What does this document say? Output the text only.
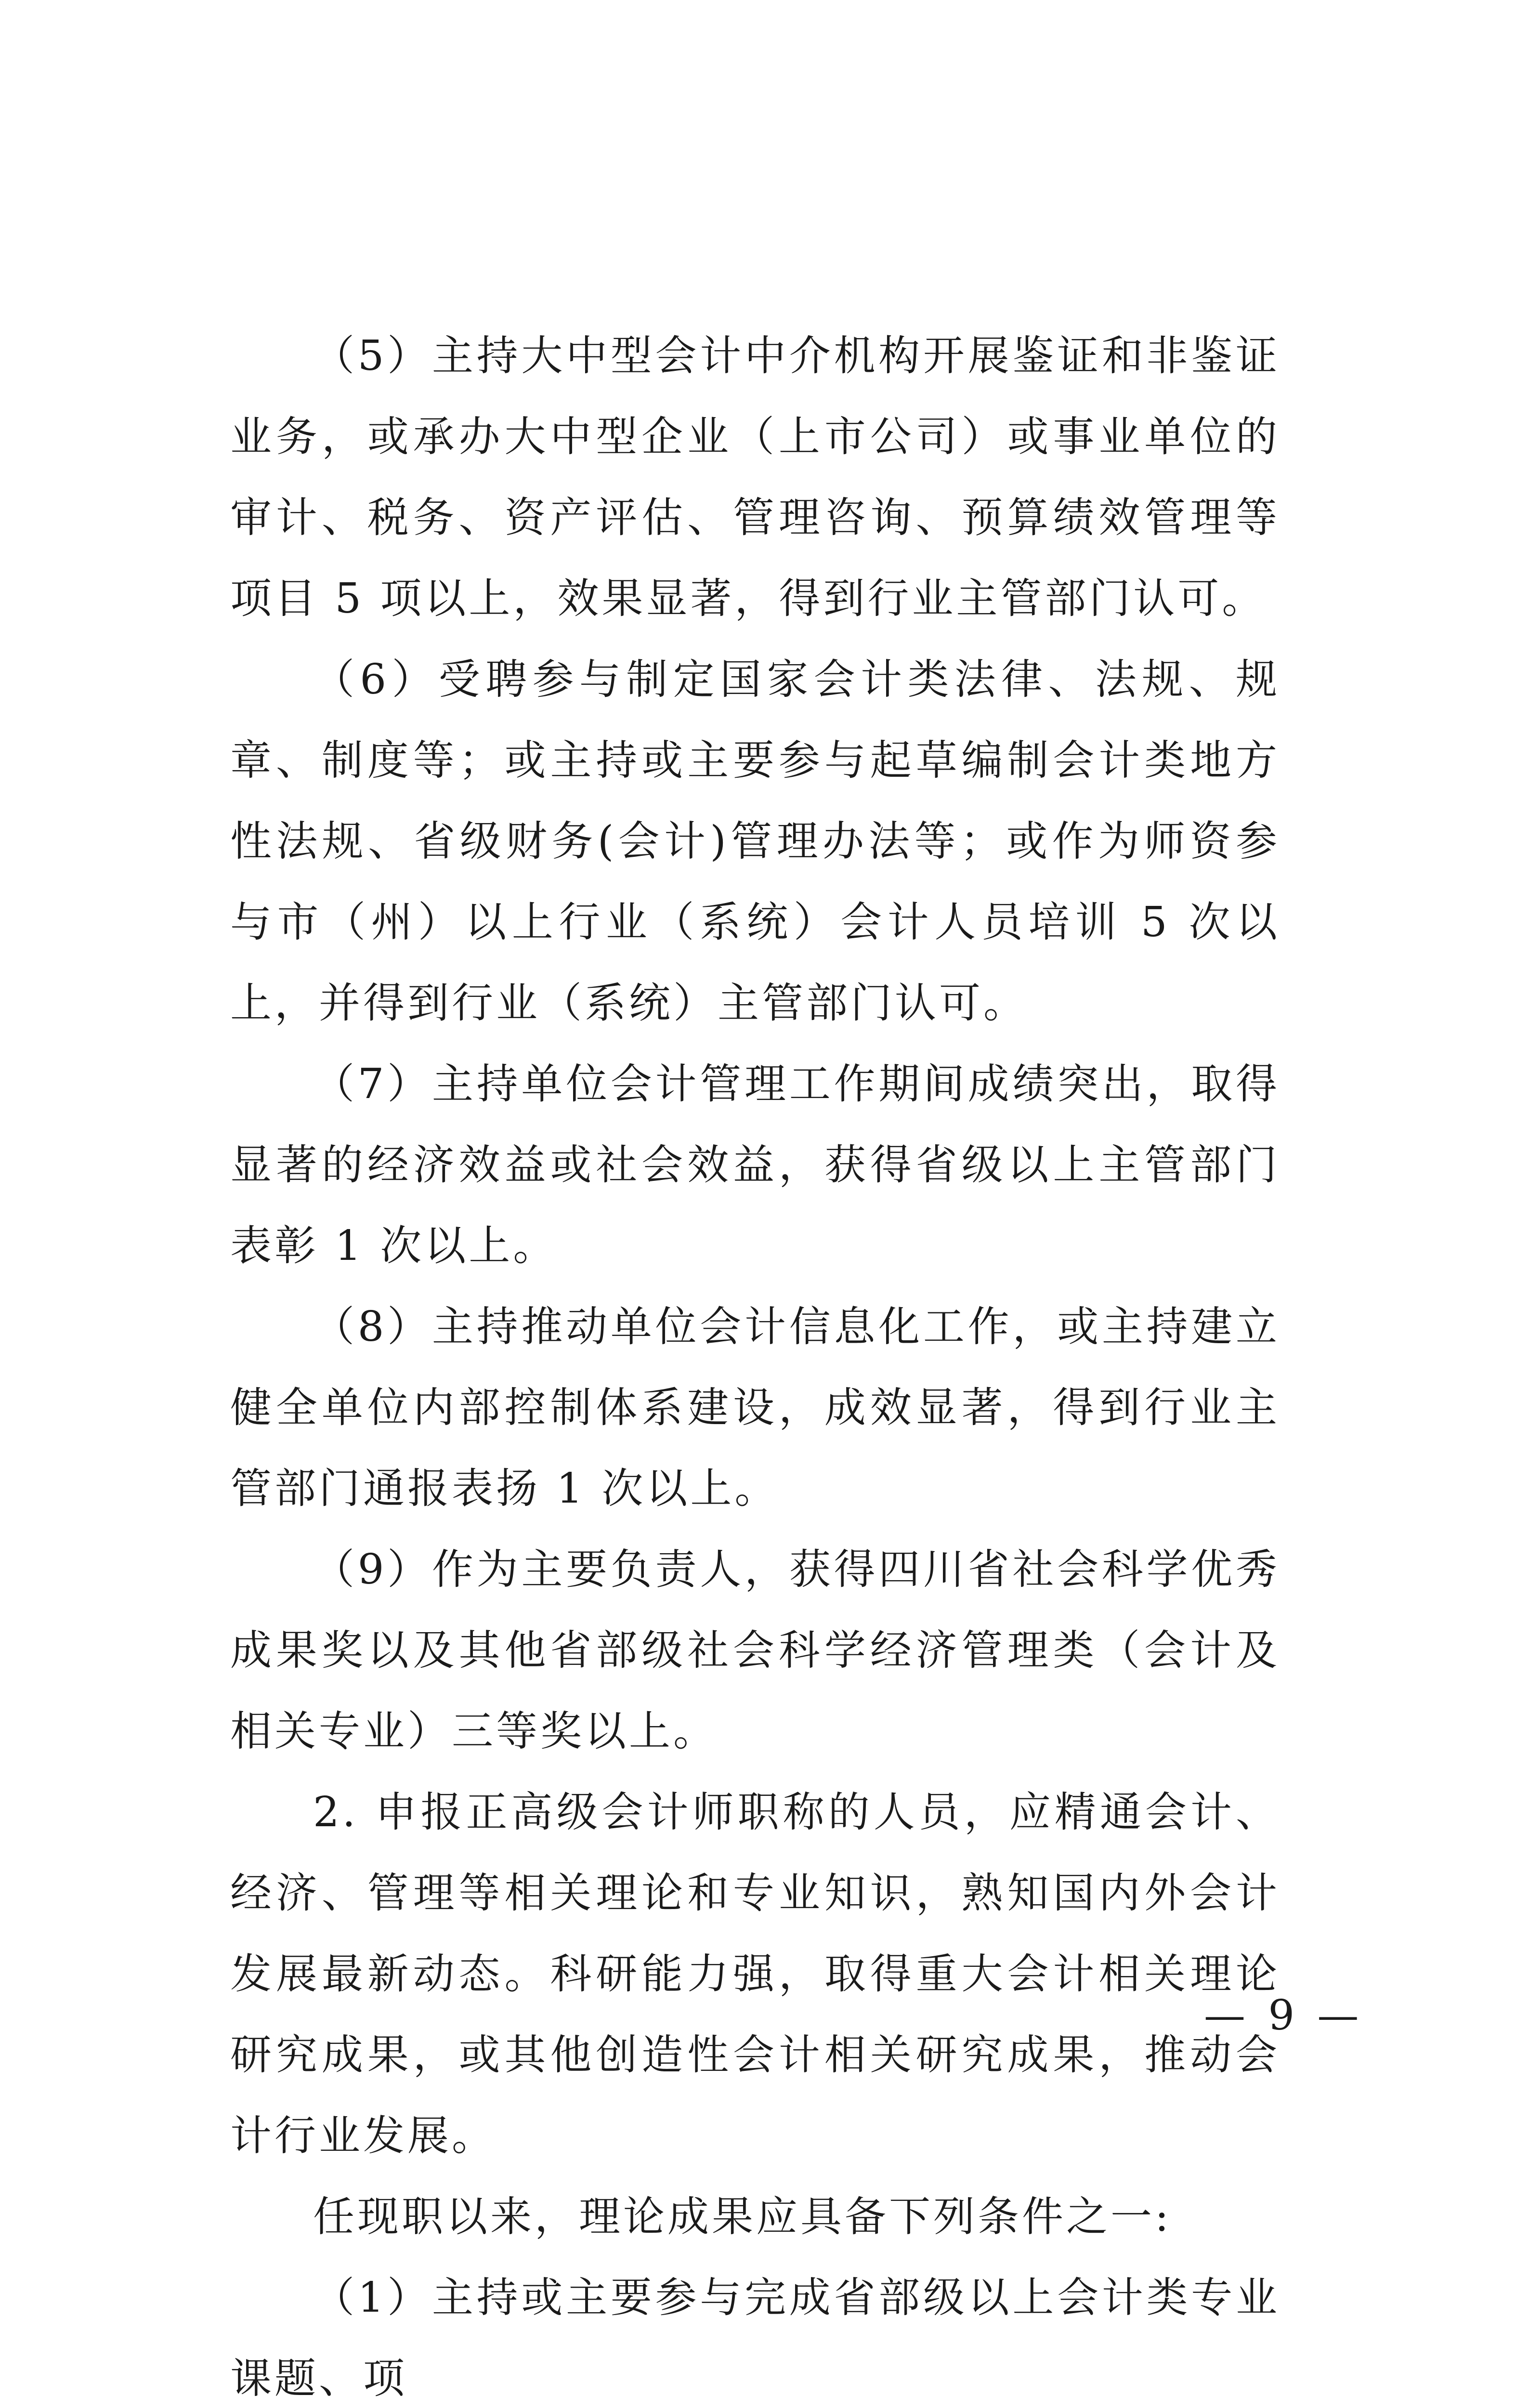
（5）主持大中型会计中介机构开展鉴证和非鉴证业务，或承办大中型企业（上市公司）或事业单位的审计、税务、资产评估、管理咨询、预算绩效管理等项目 5 项以上，效果显著，得到行业主管部门认可。

（6）受聘参与制定国家会计类法律、法规、规章、制度等；或主持或主要参与起草编制会计类地方性法规、省级财务(会计)管理办法等；或作为师资参与市（州）以上行业（系统）会计人员培训 5 次以上，并得到行业（系统）主管部门认可。

（7）主持单位会计管理工作期间成绩突出，取得显著的经济效益或社会效益，获得省级以上主管部门表彰 1 次以上。

（8）主持推动单位会计信息化工作，或主持建立健全单位内部控制体系建设，成效显著，得到行业主管部门通报表扬 1 次以上。

（9）作为主要负责人，获得四川省社会科学优秀成果奖以及其他省部级社会科学经济管理类（会计及相关专业）三等奖以上。

2. 申报正高级会计师职称的人员，应精通会计、经济、管理等相关理论和专业知识，熟知国内外会计发展最新动态。科研能力强，取得重大会计相关理论研究成果，或其他创造性会计相关研究成果，推动会计行业发展。

任现职以来，理论成果应具备下列条件之一:

（1）主持或主要参与完成省部级以上会计类专业课题、项

— 9 —
